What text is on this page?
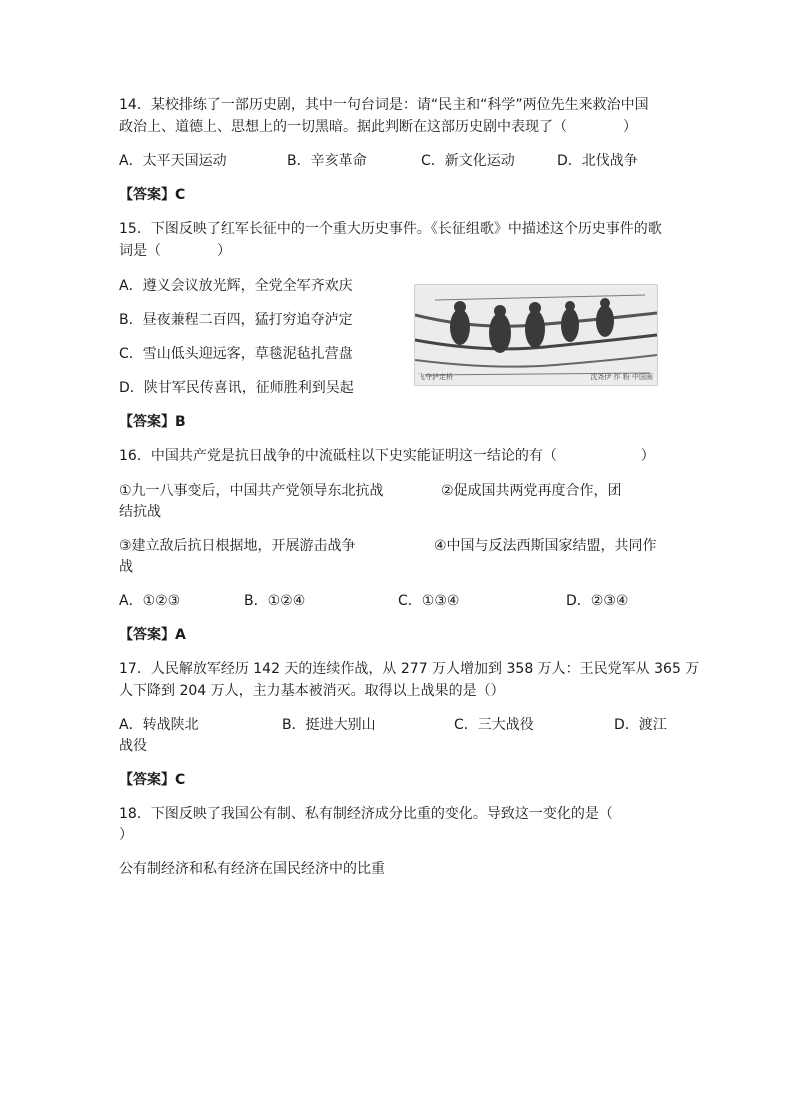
14．某校排练了一部历史剧，其中一句台词是：请“民主和“科学”两位先生来救治中国
政治上、道德上、思想上的一切黑暗。据此判断在这部历史剧中表现了（　　　　）
A．太平天国运动	B．辛亥革命	C．新文化运动	D．北伐战争
【答案】C
15．下图反映了红军长征中的一个重大历史事件。《长征组歌》中描述这个历史事件的歌
词是（　　　　）
A．遵义会议放光辉，全党全军齐欢庆
B．昼夜兼程二百四，猛打穷追夺泸定
C．雪山低头迎远客，草毯泥毡扎营盘
D．陕甘军民传喜讯，征师胜利到吴起
飞夺泸定桥	沈尧伊 作 粉 中国画
【答案】B
16．中国共产党是抗日战争的中流砥柱以下史实能证明这一结论的有（　　　　　　）
①九一八事变后，中国共产党领导东北抗战	②促成国共两党再度合作，团
结抗战
③建立敌后抗日根据地，开展游击战争	④中国与反法西斯国家结盟，共同作
战
A．①②③	B．①②④	C．①③④	D．②③④
【答案】A
17．人民解放军经历 142 天的连续作战，从 277 万人增加到 358 万人：王民党军从 365 万
人下降到 204 万人，主力基本被消灭。取得以上战果的是（）
A．转战陕北	B．挺进大别山	C．三大战役	D．渡江
战役
【答案】C
18．下图反映了我国公有制、私有制经济成分比重的变化。导致这一变化的是（
）
公有制经济和私有经济在国民经济中的比重
